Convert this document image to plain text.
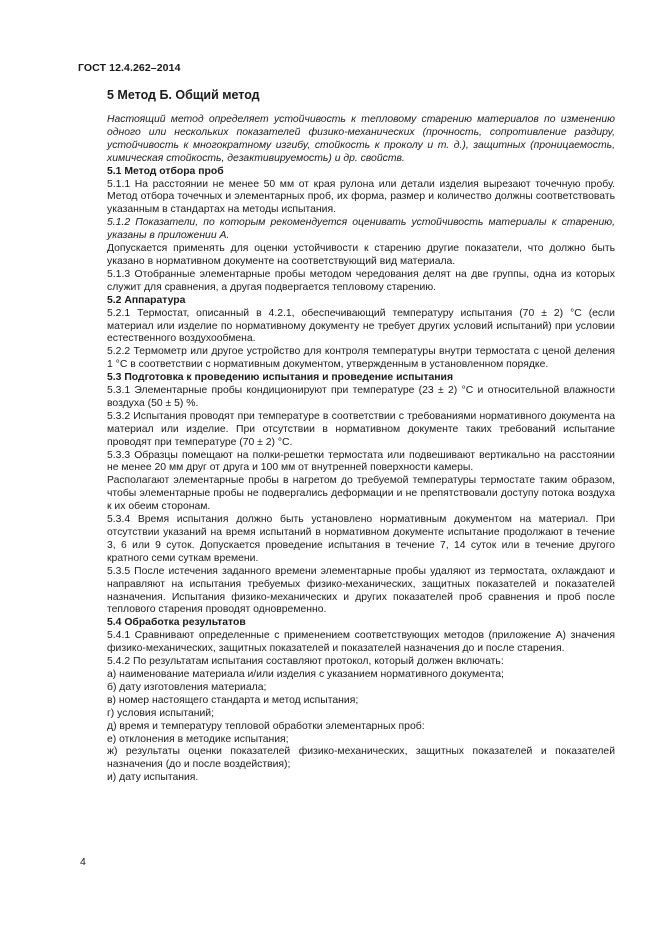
ГОСТ 12.4.262–2014
5 Метод Б. Общий метод

Настоящий метод определяет устойчивость к тепловому старению материалов по изменению одного или нескольких показателей физико-механических (прочность, сопротивление раздиру, устойчивость к многократному изгибу, стойкость к проколу и т. д.), защитных (проницаемость, химическая стойкость, дезактивируемость) и др. свойств.

5.1 Метод отбора проб

5.1.1 На расстоянии не менее 50 мм от края рулона или детали изделия вырезают точечную пробу. Метод отбора точечных и элементарных проб, их форма, размер и количество должны соответствовать указанным в стандартах на методы испытания.

5.1.2 Показатели, по которым рекомендуется оценивать устойчивость материалы к старению, указаны в приложении А.

Допускается применять для оценки устойчивости к старению другие показатели, что должно быть указано в нормативном документе на соответствующий вид материала.

5.1.3 Отобранные элементарные пробы методом чередования делят на две группы, одна из которых служит для сравнения, а другая подвергается тепловому старению.

5.2 Аппаратура

5.2.1 Термостат, описанный в 4.2.1, обеспечивающий температуру испытания (70 ± 2) °С (если материал или изделие по нормативному документу не требует других условий испытаний) при условии естественного воздухообмена.

5.2.2 Термометр или другое устройство для контроля температуры внутри термостата с ценой деления 1 °С в соответствии с нормативным документом, утвержденным в установленном порядке.

5.3 Подготовка к проведению испытания и проведение испытания

5.3.1 Элементарные пробы кондиционируют при температуре (23 ± 2) °С и относительной влажности воздуха (50 ± 5) %.

5.3.2 Испытания проводят при температуре в соответствии с требованиями нормативного документа на материал или изделие. При отсутствии в нормативном документе таких требований испытание проводят при температуре (70 ± 2) °С.

5.3.3 Образцы помещают на полки-решетки термостата или подвешивают вертикально на расстоянии не менее 20 мм друг от друга и 100 мм от внутренней поверхности камеры.

Располагают элементарные пробы в нагретом до требуемой температуры термостате таким образом, чтобы элементарные пробы не подвергались деформации и не препятствовали доступу потока воздуха к их обеим сторонам.

5.3.4 Время испытания должно быть установлено нормативным документом на материал. При отсутствии указаний на время испытаний в нормативном документе испытание продолжают в течение 3, 6 или 9 суток. Допускается проведение испытания в течение 7, 14 суток или в течение другого кратного семи суткам времени.

5.3.5 После истечения заданного времени элементарные пробы удаляют из термостата, охлаждают и направляют на испытания требуемых физико-механических, защитных показателей и показателей назначения. Испытания физико-механических и других показателей проб сравнения и проб после теплового старения проводят одновременно.

5.4 Обработка результатов

5.4.1 Сравнивают определенные с применением соответствующих методов (приложение А) значения физико-механических, защитных показателей и показателей назначения до и после старения.

5.4.2 По результатам испытания составляют протокол, который должен включать:

а) наименование материала и/или изделия с указанием нормативного документа;

б) дату изготовления материала;

в) номер настоящего стандарта и метод испытания;

г) условия испытаний;

д) время и температуру тепловой обработки элементарных проб:

е) отклонения в методике испытания;

ж) результаты оценки показателей физико-механических, защитных показателей и показателей назначения (до и после воздействия);

и) дату испытания.

4
